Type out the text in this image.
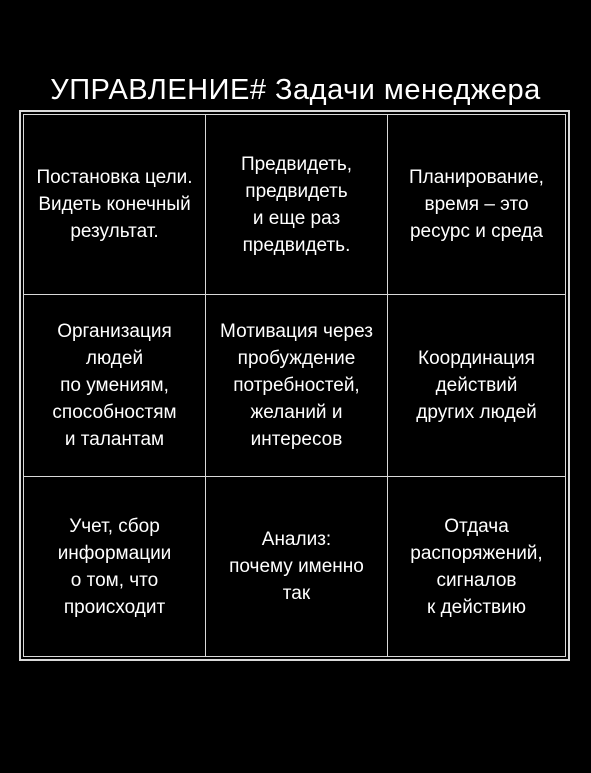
УПРАВЛЕНИЕ# Задачи менеджера
Постановка цели.
Видеть конечный
результат.
Предвидеть,
предвидеть
и еще раз
предвидеть.
Планирование,
время – это
ресурс и среда
Организация
людей
по умениям,
способностям
и талантам
Мотивация через
пробуждение
потребностей,
желаний и
интересов
Координация
действий
других людей
Учет, сбор
информации
о том, что
происходит
Анализ:
почему именно
так
Отдача
распоряжений,
сигналов
к действию
